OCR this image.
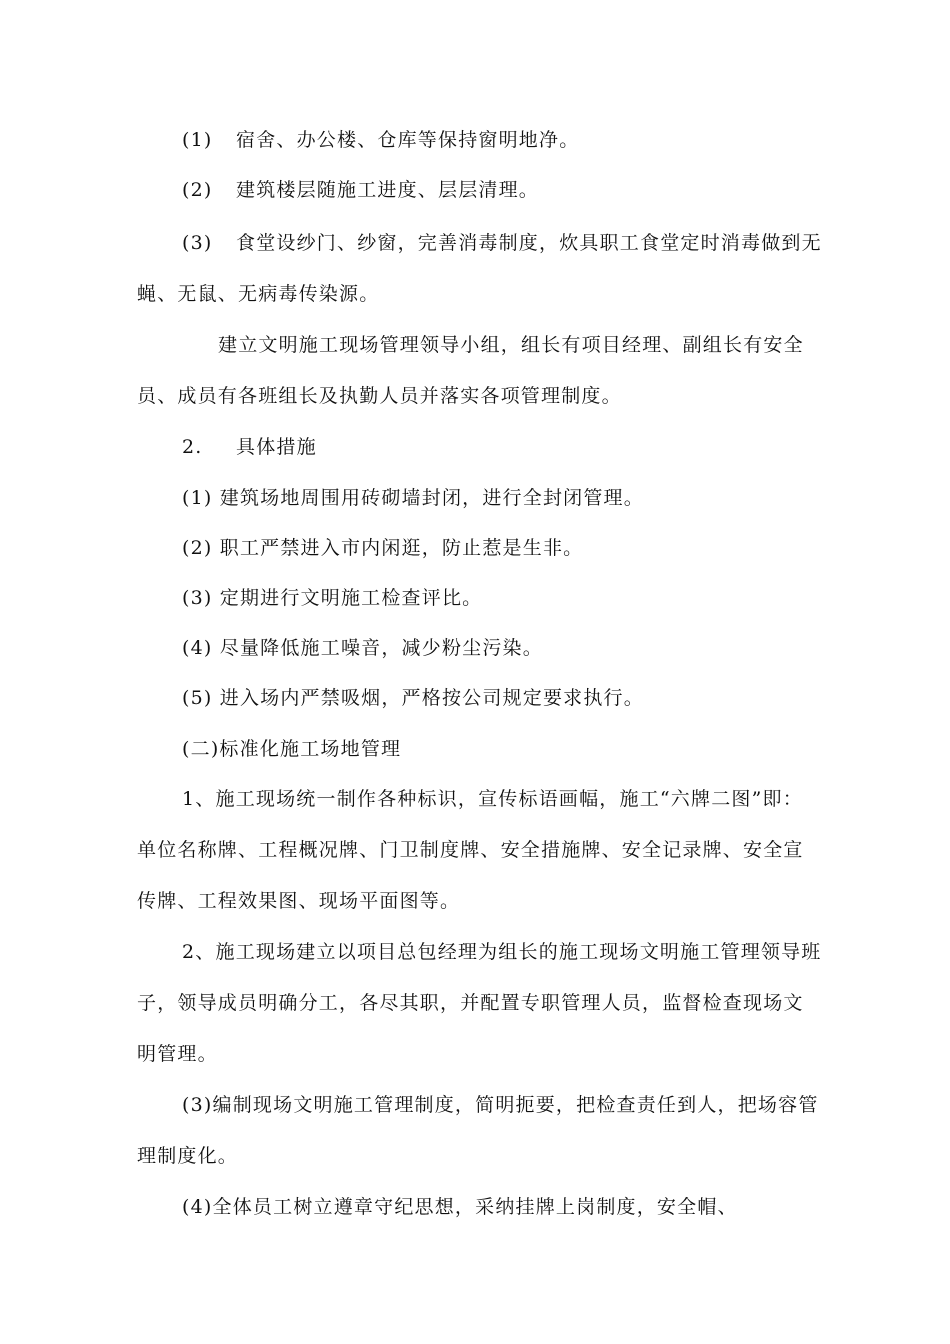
(1) 宿舍、办公楼、仓库等保持窗明地净。
(2) 建筑楼层随施工进度、层层清理。
(3) 食堂设纱门、纱窗，完善消毒制度，炊具职工食堂定时消毒做到无
蝇、无鼠、无病毒传染源。
建立文明施工现场管理领导小组，组长有项目经理、副组长有安全
员、成员有各班组长及执勤人员并落实各项管理制度。
2. 具体措施
(1) 建筑场地周围用砖砌墙封闭，进行全封闭管理。
(2) 职工严禁进入市内闲逛，防止惹是生非。
(3) 定期进行文明施工检查评比。
(4) 尽量降低施工噪音，减少粉尘污染。
(5) 进入场内严禁吸烟，严格按公司规定要求执行。
(二)标准化施工场地管理
1、施工现场统一制作各种标识，宣传标语画幅，施工“六牌二图”即：
单位名称牌、工程概况牌、门卫制度牌、安全措施牌、安全记录牌、安全宣
传牌、工程效果图、现场平面图等。
2、施工现场建立以项目总包经理为组长的施工现场文明施工管理领导班
子，领导成员明确分工，各尽其职，并配置专职管理人员，监督检查现场文
明管理。
(3)编制现场文明施工管理制度，简明扼要，把检查责任到人，把场容管
理制度化。
(4)全体员工树立遵章守纪思想，采纳挂牌上岗制度，安全帽、
